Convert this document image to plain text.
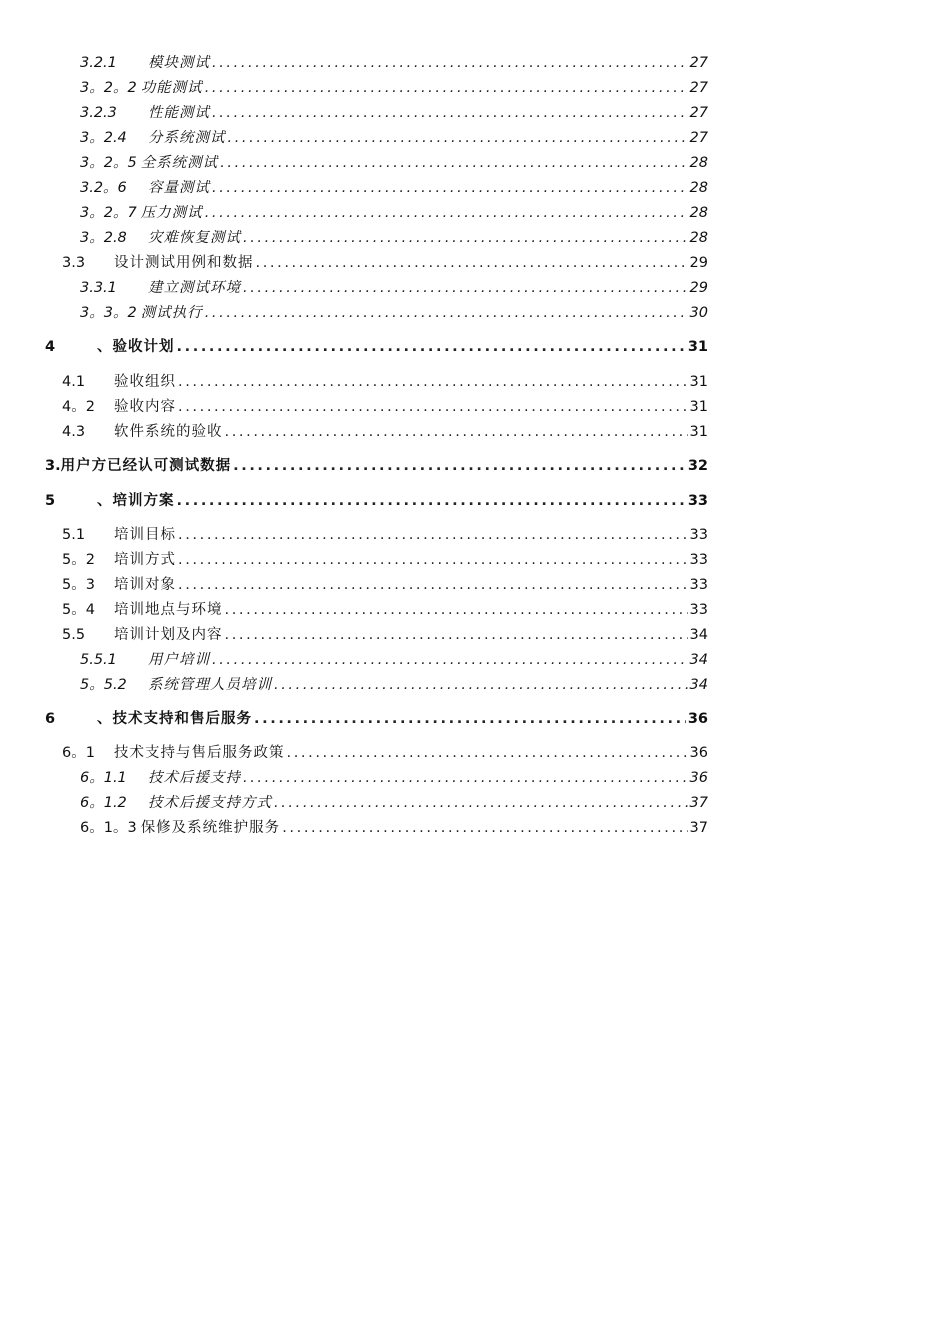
3.2.1	模块测试 .....	27
3。2。2 功能测试 .....	27
3.2.3	性能测试 .....	27
3。2.4	分系统测试 .....	27
3。2。5 全系统测试 .....	28
3.2。6	容量测试 .....	28
3。2。7 压力测试 .....	28
3。2.8	灾难恢复测试 .....	28
3.3	设计测试用例和数据 .....	29
3.3.1	建立测试环境 .....	29
3。3。2 测试执行 .....	30
4	、验收计划 .....	31
4.1	验收组织 .....	31
4。2	验收内容 .....	31
4.3	软件系统的验收 .....	31
3. 用户方已经认可测试数据 .....	32
5	、培训方案 .....	33
5.1	培训目标 .....	33
5。2	培训方式 .....	33
5。3	培训对象 .....	33
5。4	培训地点与环境 .....	33
5.5	培训计划及内容 .....	34
5.5.1	用户培训 .....	34
5。5.2	系统管理人员培训 .....	34
6	、技术支持和售后服务 .....	36
6。1	技术支持与售后服务政策 .....	36
6。1.1	技术后援支持 .....	36
6。1.2	技术后援支持方式 .....	37
6。1。3 保修及系统维护服务 .....	37
